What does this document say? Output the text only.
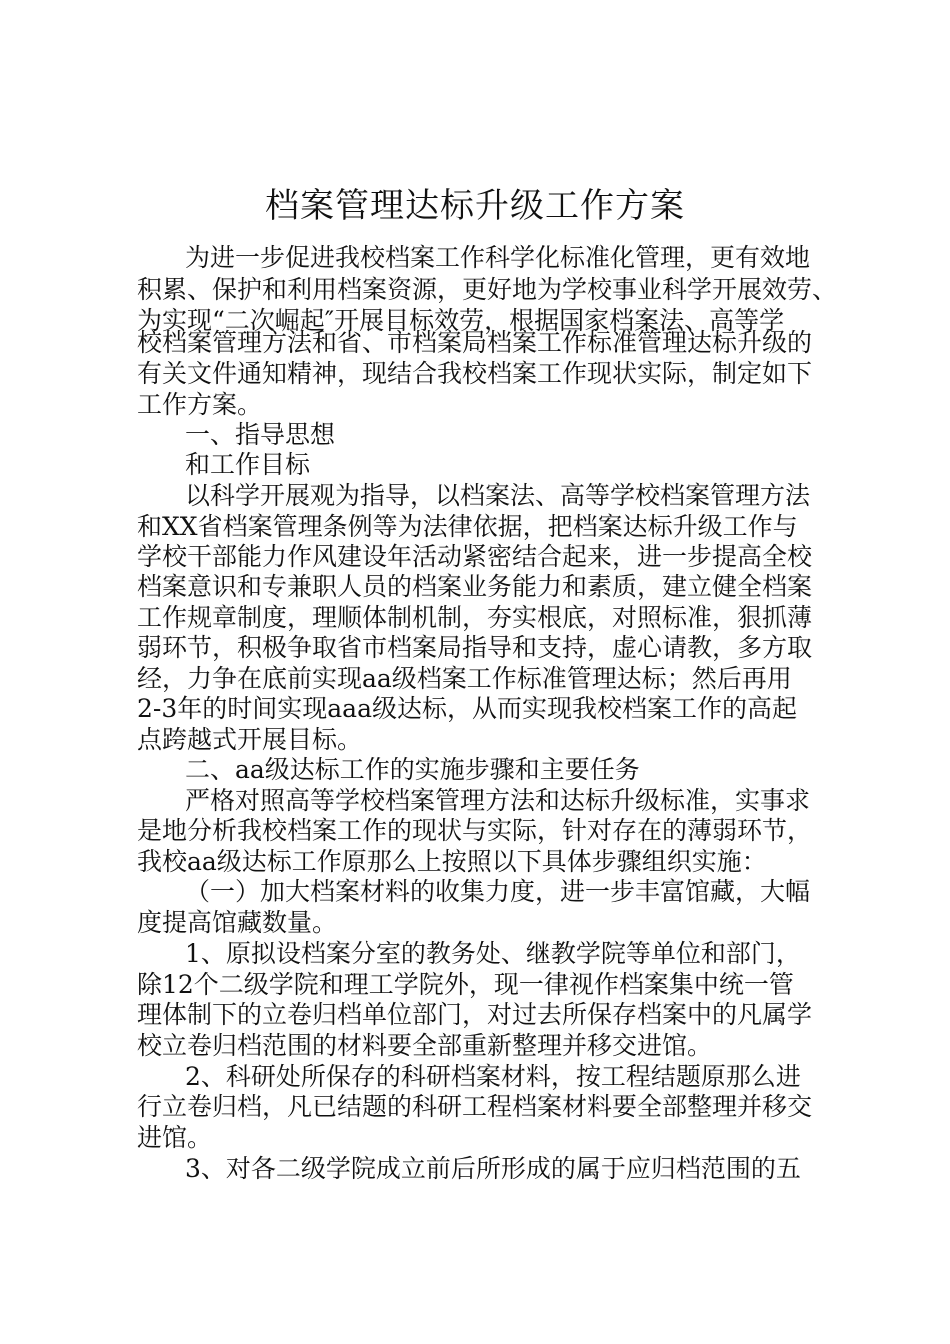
档案管理达标升级工作方案
为进一步促进我校档案工作科学化标准化管理，更有效地
积累、保护和利用档案资源，更好地为学校事业科学开展效劳、
为实现“二次崛起″开展目标效劳，根据国家档案法、高等学
校档案管理方法和省、市档案局档案工作标准管理达标升级的
有关文件通知精神，现结合我校档案工作现状实际，制定如下
工作方案。
一、指导思想
和工作目标
以科学开展观为指导，以档案法、高等学校档案管理方法
和XX省档案管理条例等为法律依据，把档案达标升级工作与
学校干部能力作风建设年活动紧密结合起来，进一步提高全校
档案意识和专兼职人员的档案业务能力和素质，建立健全档案
工作规章制度，理顺体制机制，夯实根底，对照标准，狠抓薄
弱环节，积极争取省市档案局指导和支持，虚心请教，多方取
经，力争在底前实现aa级档案工作标准管理达标；然后再用
2-3年的时间实现aaa级达标，从而实现我校档案工作的高起
点跨越式开展目标。
二、aa级达标工作的实施步骤和主要任务
严格对照高等学校档案管理方法和达标升级标准，实事求
是地分析我校档案工作的现状与实际，针对存在的薄弱环节，
我校aa级达标工作原那么上按照以下具体步骤组织实施：
（一）加大档案材料的收集力度，进一步丰富馆藏，大幅
度提高馆藏数量。
1、原拟设档案分室的教务处、继教学院等单位和部门，
除12个二级学院和理工学院外，现一律视作档案集中统一管
理体制下的立卷归档单位部门，对过去所保存档案中的凡属学
校立卷归档范围的材料要全部重新整理并移交进馆。
2、科研处所保存的科研档案材料，按工程结题原那么进
行立卷归档，凡已结题的科研工程档案材料要全部整理并移交
进馆。
3、对各二级学院成立前后所形成的属于应归档范围的五
